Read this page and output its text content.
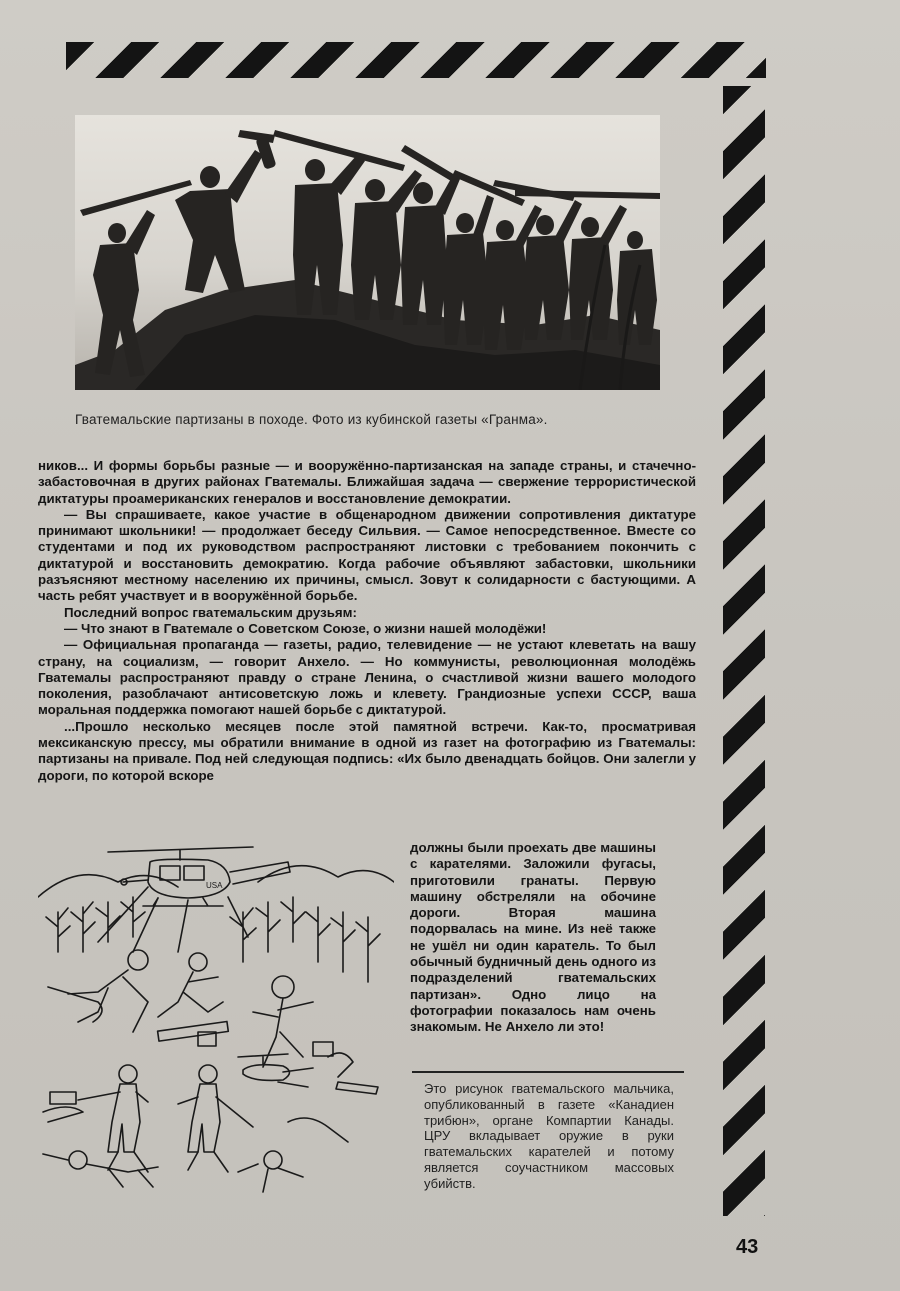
Гватемальские партизаны в походе. Фото из кубинской газеты «Гранма».

ников... И формы борьбы разные — и вооружённо-партизанская на западе страны, и стачечно-забастовочная в других районах Гватемалы. Ближайшая задача — свержение террористической диктатуры проамериканских генералов и восстановление демократии.

— Вы спрашиваете, какое участие в общенародном движении сопротивления диктатуре принимают школьники! — продолжает беседу Сильвия. — Самое непосредственное. Вместе со студентами и под их руководством распространяют листовки с требованием покончить с диктатурой и восстановить демократию. Когда рабочие объявляют забастовки, школьники разъясняют местному населению их причины, смысл. Зовут к солидарности с бастующими. А часть ребят участвует и в вооружённой борьбе.

Последний вопрос гватемальским друзьям:

— Что знают в Гватемале о Советском Союзе, о жизни нашей молодёжи!

— Официальная пропаганда — газеты, радио, телевидение — не устают клеветать на вашу страну, на социализм, — говорит Анхело. — Но коммунисты, революционная молодёжь Гватемалы распространяют правду о стране Ленина, о счастливой жизни вашего молодого поколения, разоблачают антисоветскую ложь и клевету. Грандиозные успехи СССР, ваша моральная поддержка помогают нашей борьбе с диктатурой.

...Прошло несколько месяцев после этой памятной встречи. Как-то, просматривая мексиканскую прессу, мы обратили внимание в одной из газет на фотографию из Гватемалы: партизаны на привале. Под ней следующая подпись: «Их было двенадцать бойцов. Они залегли у дороги, по которой вскоре

USA
должны были проехать две машины с карателями. Заложили фугасы, приготовили гранаты. Первую машину обстреляли на обочине дороги. Вторая машина подорвалась на мине. Из неё также не ушёл ни один каратель. То был обычный будничный день одного из подразделений гватемальских партизан». Одно лицо на фотографии показалось нам очень знакомым. Не Анхело ли это!
Это рисунок гватемальского мальчика, опубликованный в газете «Канадиен трибюн», органе Компартии Канады. ЦРУ вкладывает оружие в руки гватемальских карателей и потому является соучастником массовых убийств.
43
